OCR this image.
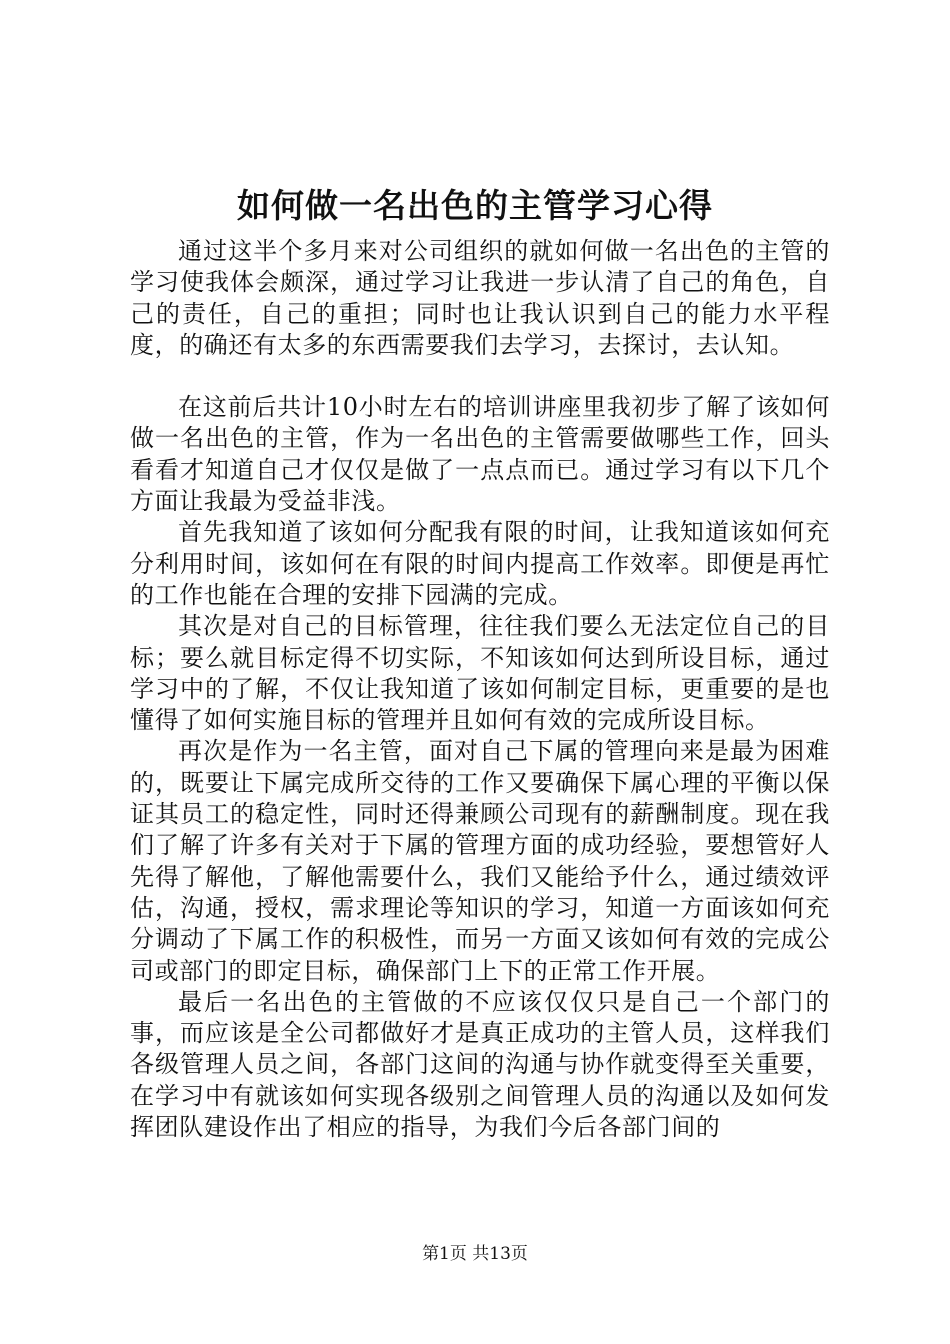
如何做一名出色的主管学习心得

通过这半个多月来对公司组织的就如何做一名出色的主管的学习使我体会颇深，通过学习让我进一步认清了自己的角色，自己的责任，自己的重担；同时也让我认识到自己的能力水平程度，的确还有太多的东西需要我们去学习，去探讨，去认知。

在这前后共计10小时左右的培训讲座里我初步了解了该如何做一名出色的主管，作为一名出色的主管需要做哪些工作，回头看看才知道自己才仅仅是做了一点点而已。通过学习有以下几个方面让我最为受益非浅。

首先我知道了该如何分配我有限的时间，让我知道该如何充分利用时间，该如何在有限的时间内提高工作效率。即便是再忙的工作也能在合理的安排下园满的完成。

其次是对自己的目标管理，往往我们要么无法定位自己的目标；要么就目标定得不切实际，不知该如何达到所设目标，通过学习中的了解，不仅让我知道了该如何制定目标，更重要的是也懂得了如何实施目标的管理并且如何有效的完成所设目标。

再次是作为一名主管，面对自己下属的管理向来是最为困难的，既要让下属完成所交待的工作又要确保下属心理的平衡以保证其员工的稳定性，同时还得兼顾公司现有的薪酬制度。现在我们了解了许多有关对于下属的管理方面的成功经验，要想管好人先得了解他，了解他需要什么，我们又能给予什么，通过绩效评估，沟通，授权，需求理论等知识的学习，知道一方面该如何充分调动了下属工作的积极性，而另一方面又该如何有效的完成公司或部门的即定目标，确保部门上下的正常工作开展。

最后一名出色的主管做的不应该仅仅只是自己一个部门的事，而应该是全公司都做好才是真正成功的主管人员，这样我们各级管理人员之间，各部门这间的沟通与协作就变得至关重要，在学习中有就该如何实现各级别之间管理人员的沟通以及如何发挥团队建设作出了相应的指导，为我们今后各部门间的

第1页 共13页
